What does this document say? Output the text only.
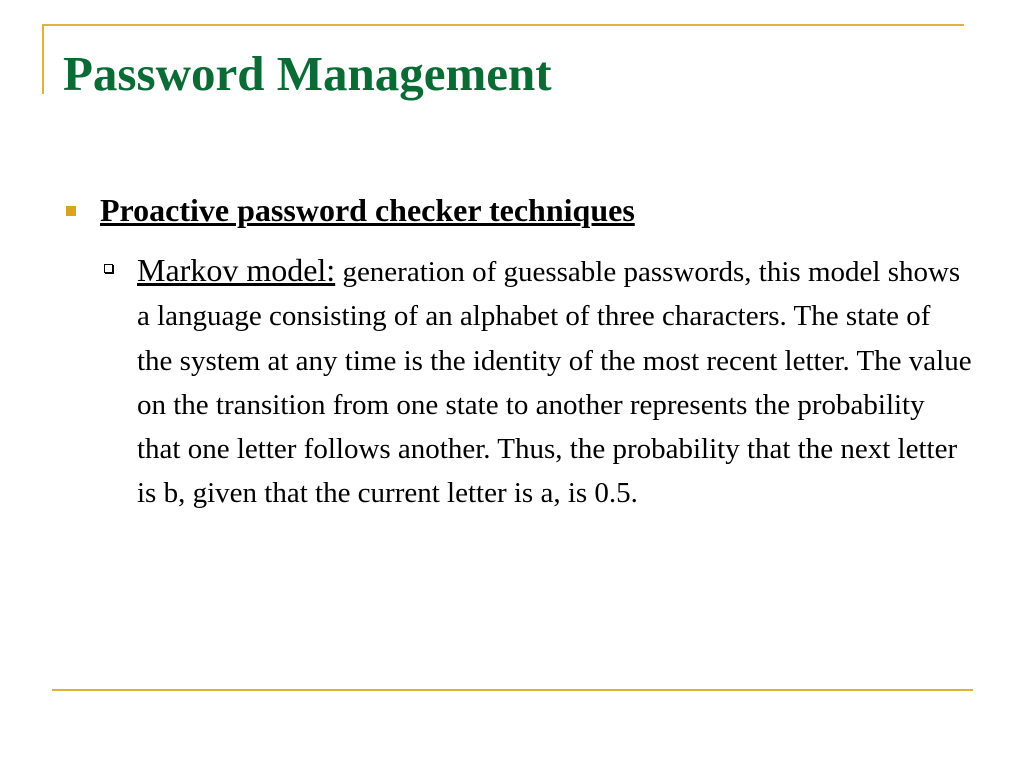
Password Management
Proactive password checker techniques

Markov model: generation of guessable passwords, this model shows a language consisting of an alphabet of three characters. The state of the system at any time is the identity of the most recent letter. The value on the transition from one state to another represents the probability that one letter follows another. Thus, the probability that the next letter is b, given that the current letter is a, is 0.5.
